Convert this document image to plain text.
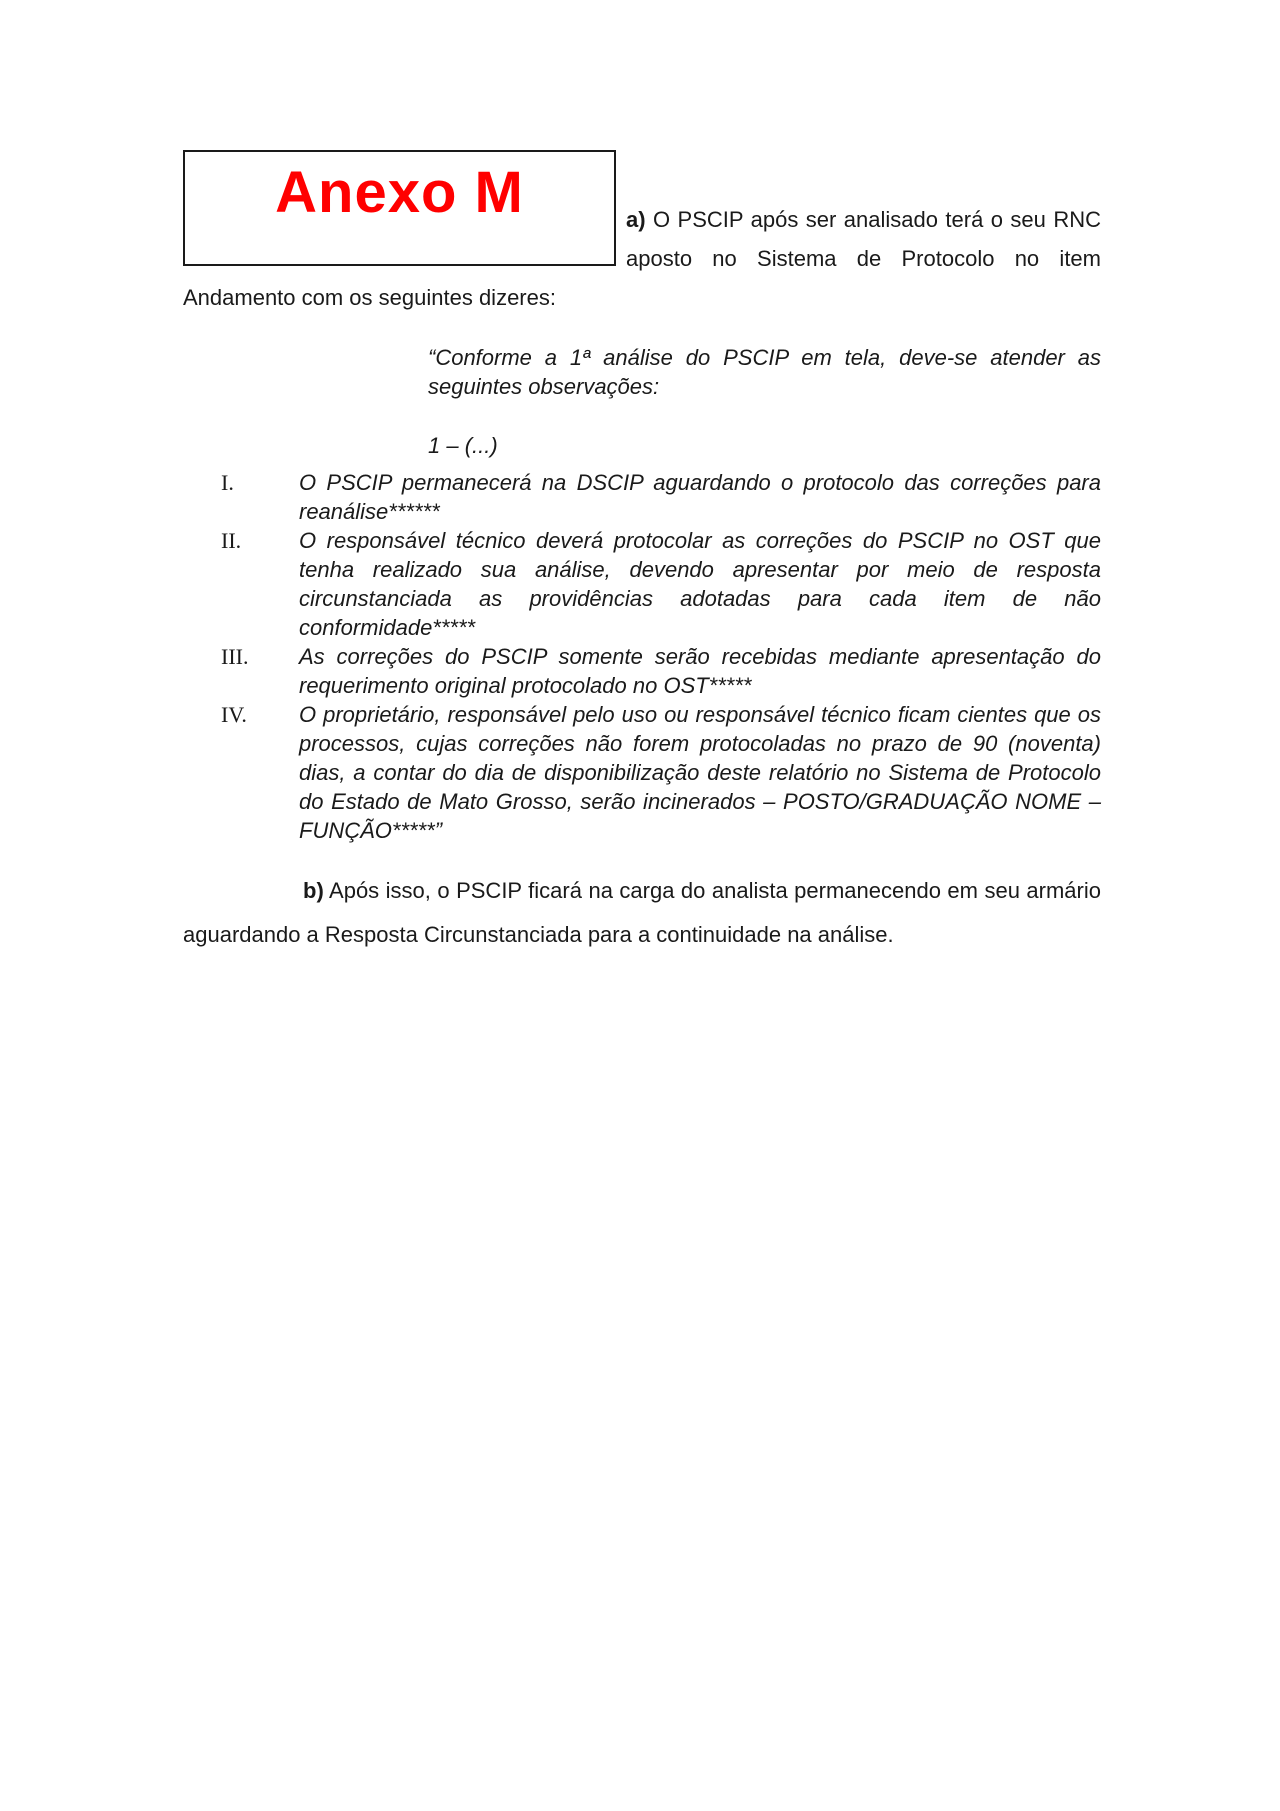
Anexo M	a) O PSCIP após ser analisado terá o seu RNC aposto no Sistema de Protocolo no item Andamento com os seguintes dizeres:

“Conforme a 1ª análise do PSCIP em tela, deve-se atender as seguintes observações:

1 – (...)

I.	O PSCIP permanecerá na DSCIP aguardando o protocolo das correções para reanálise******
II.	O responsável técnico deverá protocolar as correções do PSCIP no OST que tenha realizado sua análise, devendo apresentar por meio de resposta circunstanciada as providências adotadas para cada item de não conformidade*****
III.	As correções do PSCIP somente serão recebidas mediante apresentação do requerimento original protocolado no OST*****
IV.	O proprietário, responsável pelo uso ou responsável técnico ficam cientes que os processos, cujas correções não forem protocoladas no prazo de 90 (noventa) dias, a contar do dia de disponibilização deste relatório no Sistema de Protocolo do Estado de Mato Grosso, serão incinerados – POSTO/GRADUAÇÃO NOME – FUNÇÃO*****”

b) Após isso, o PSCIP ficará na carga do analista permanecendo em seu armário aguardando a Resposta Circunstanciada para a continuidade na análise.
